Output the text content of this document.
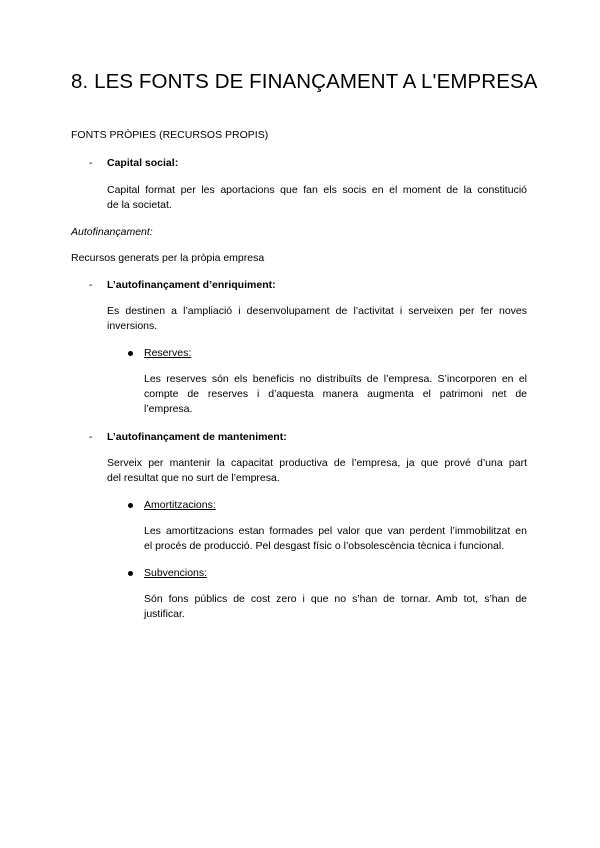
8. LES FONTS DE FINANÇAMENT A L'EMPRESA
FONTS PRÒPIES (RECURSOS PROPIS)
- Capital social:
Capital format per les aportacions que fan els socis en el moment de la constitució
de la societat.
Autofinançament:
Recursos generats per la pròpia empresa
- L’autofinançament d’enriquiment:
Es destinen a l’ampliació i desenvolupament de l’activitat i serveixen per fer noves
inversions.
Reserves:
Les reserves són els beneficis no distribuïts de l’empresa. S’incorporen en el
compte de reserves i d’aquesta manera augmenta el patrimoni net de
l’empresa.
- L’autofinançament de manteniment:
Serveix per mantenir la capacitat productiva de l’empresa, ja que prové d’una part
del resultat que no surt de l’empresa.
Amortitzacions:
Les amortitzacions estan formades pel valor que van perdent l’immobilitzat en
el procés de producció. Pel desgast físic o l’obsolescència tècnica i funcional.
Subvencions:
Són fons públics de cost zero i que no s’han de tornar. Amb tot, s’han de
justificar.
